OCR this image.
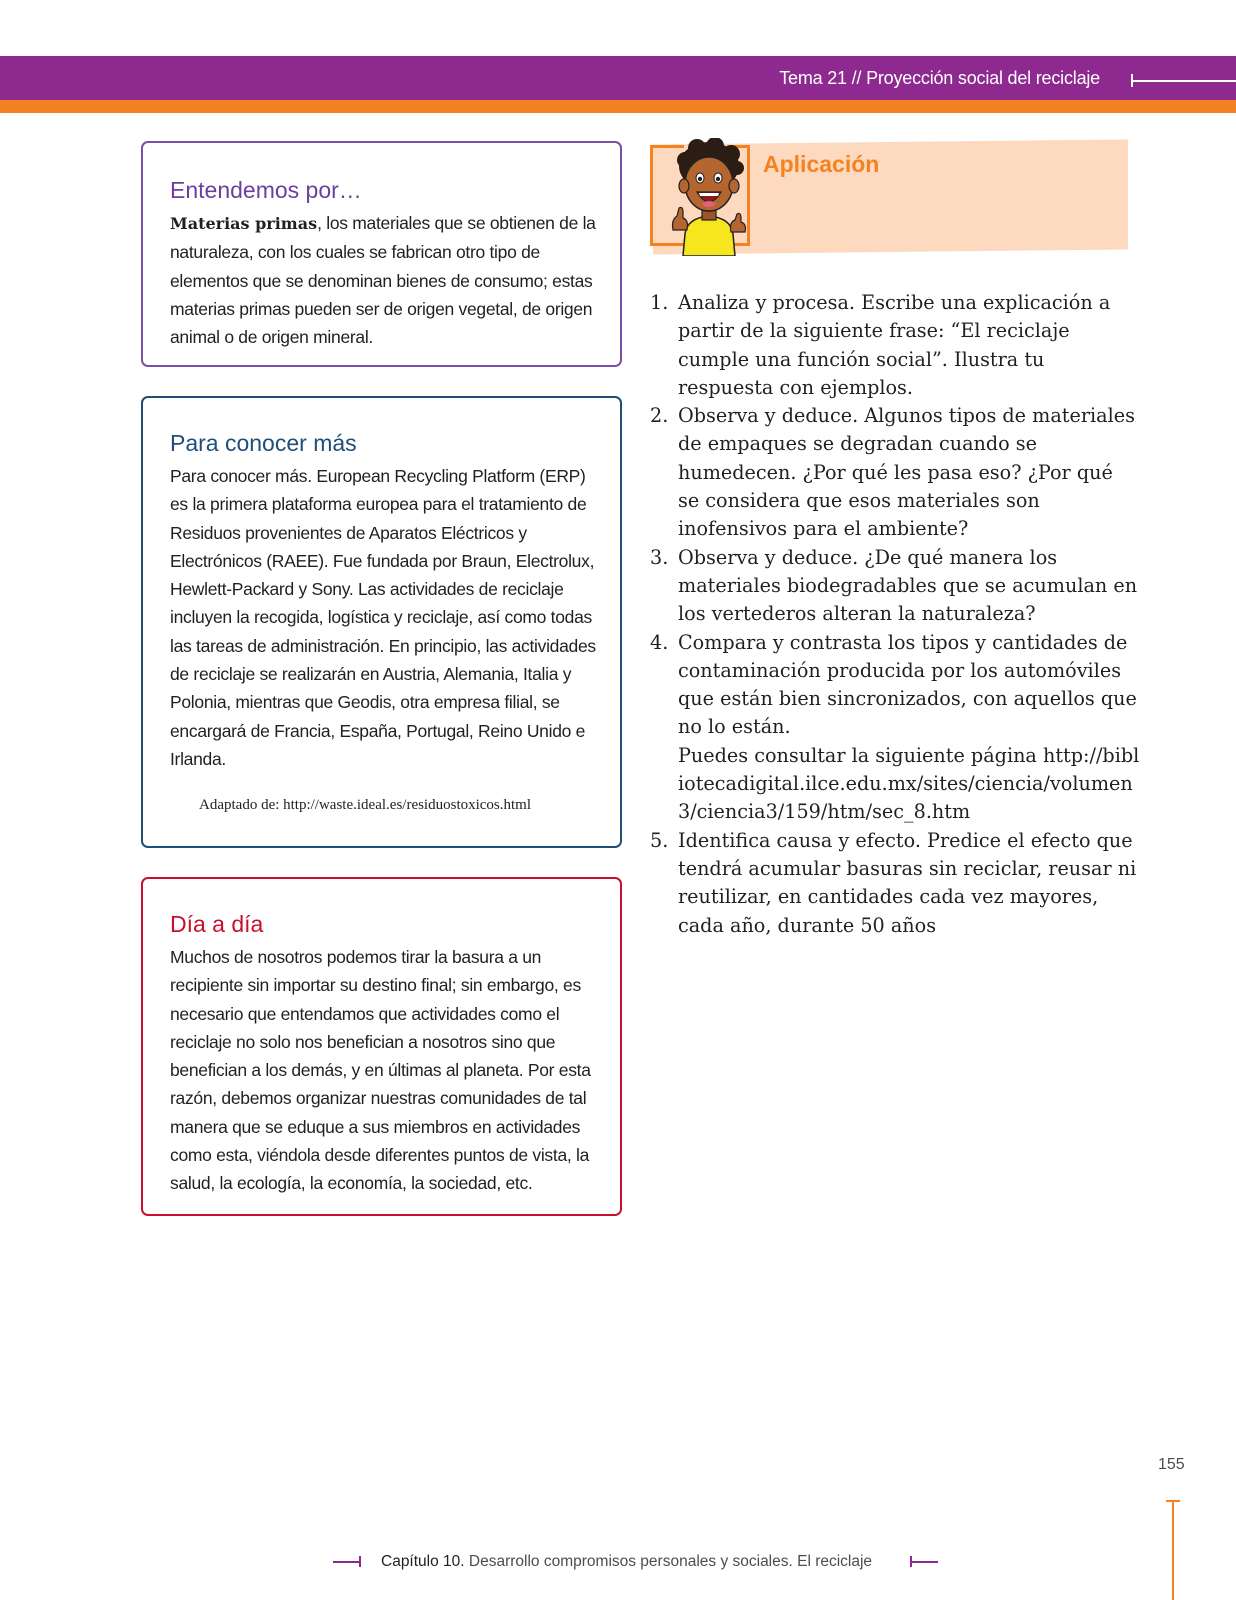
Tema 21 // Proyección social del reciclaje
Entendemos por…

Materias primas, los materiales que se obtienen de la naturaleza, con los cuales se fabrican otro tipo de elementos que se denominan bienes de consumo; estas materias primas pueden ser de origen vegetal, de origen animal o de origen mineral.

Para conocer más

Para conocer más. European Recycling Platform (ERP) es la primera plataforma europea para el tratamiento de Residuos provenientes de Aparatos Eléctricos y Electrónicos (RAEE). Fue fundada por Braun, Electrolux, Hewlett-Packard y Sony. Las actividades de reciclaje incluyen la recogida, logística y reciclaje, así como todas las tareas de administración. En principio, las actividades de reciclaje se realizarán en Austria, Alemania, Italia y Polonia, mientras que Geodis, otra empresa filial, se encargará de Francia, España, Portugal, Reino Unido e Irlanda.

Adaptado de: http://waste.ideal.es/residuostoxicos.html
Día a día

Muchos de nosotros podemos tirar la basura a un recipiente sin importar su destino final; sin embargo, es necesario que entendamos que actividades como el reciclaje no solo nos benefician a nosotros sino que benefician a los demás, y en últimas al planeta. Por esta razón, debemos organizar nuestras comunidades de tal manera que se eduque a sus miembros en actividades como esta, viéndola desde diferentes puntos de vista, la salud, la ecología, la economía, la sociedad, etc.

Aplicación
1. Analiza y procesa. Escribe una explicación a partir de la siguiente frase: “El reciclaje cumple una función social”. Ilustra tu respuesta con ejemplos.
2. Observa y deduce. Algunos tipos de materiales de empaques se degradan cuando se humedecen. ¿Por qué les pasa eso? ¿Por qué se considera que esos materiales son inofensivos para el ambiente?
3. Observa y deduce. ¿De qué manera los materiales biodegradables que se acumulan en los vertederos alteran la naturaleza?
4. Compara y contrasta los tipos y cantidades de contaminación producida por los automóviles que están bien sincronizados, con aquellos que no lo están.
Puedes consultar la siguiente página http://bibliotecadigital.ilce.edu.mx/sites/ciencia/volumen3/ciencia3/159/htm/sec_8.htm
5. Identifica causa y efecto. Predice el efecto que tendrá acumular basuras sin reciclar, reusar ni reutilizar, en cantidades cada vez mayores, cada año, durante 50 años
155
Capítulo 10. Desarrollo compromisos personales y sociales. El reciclaje
